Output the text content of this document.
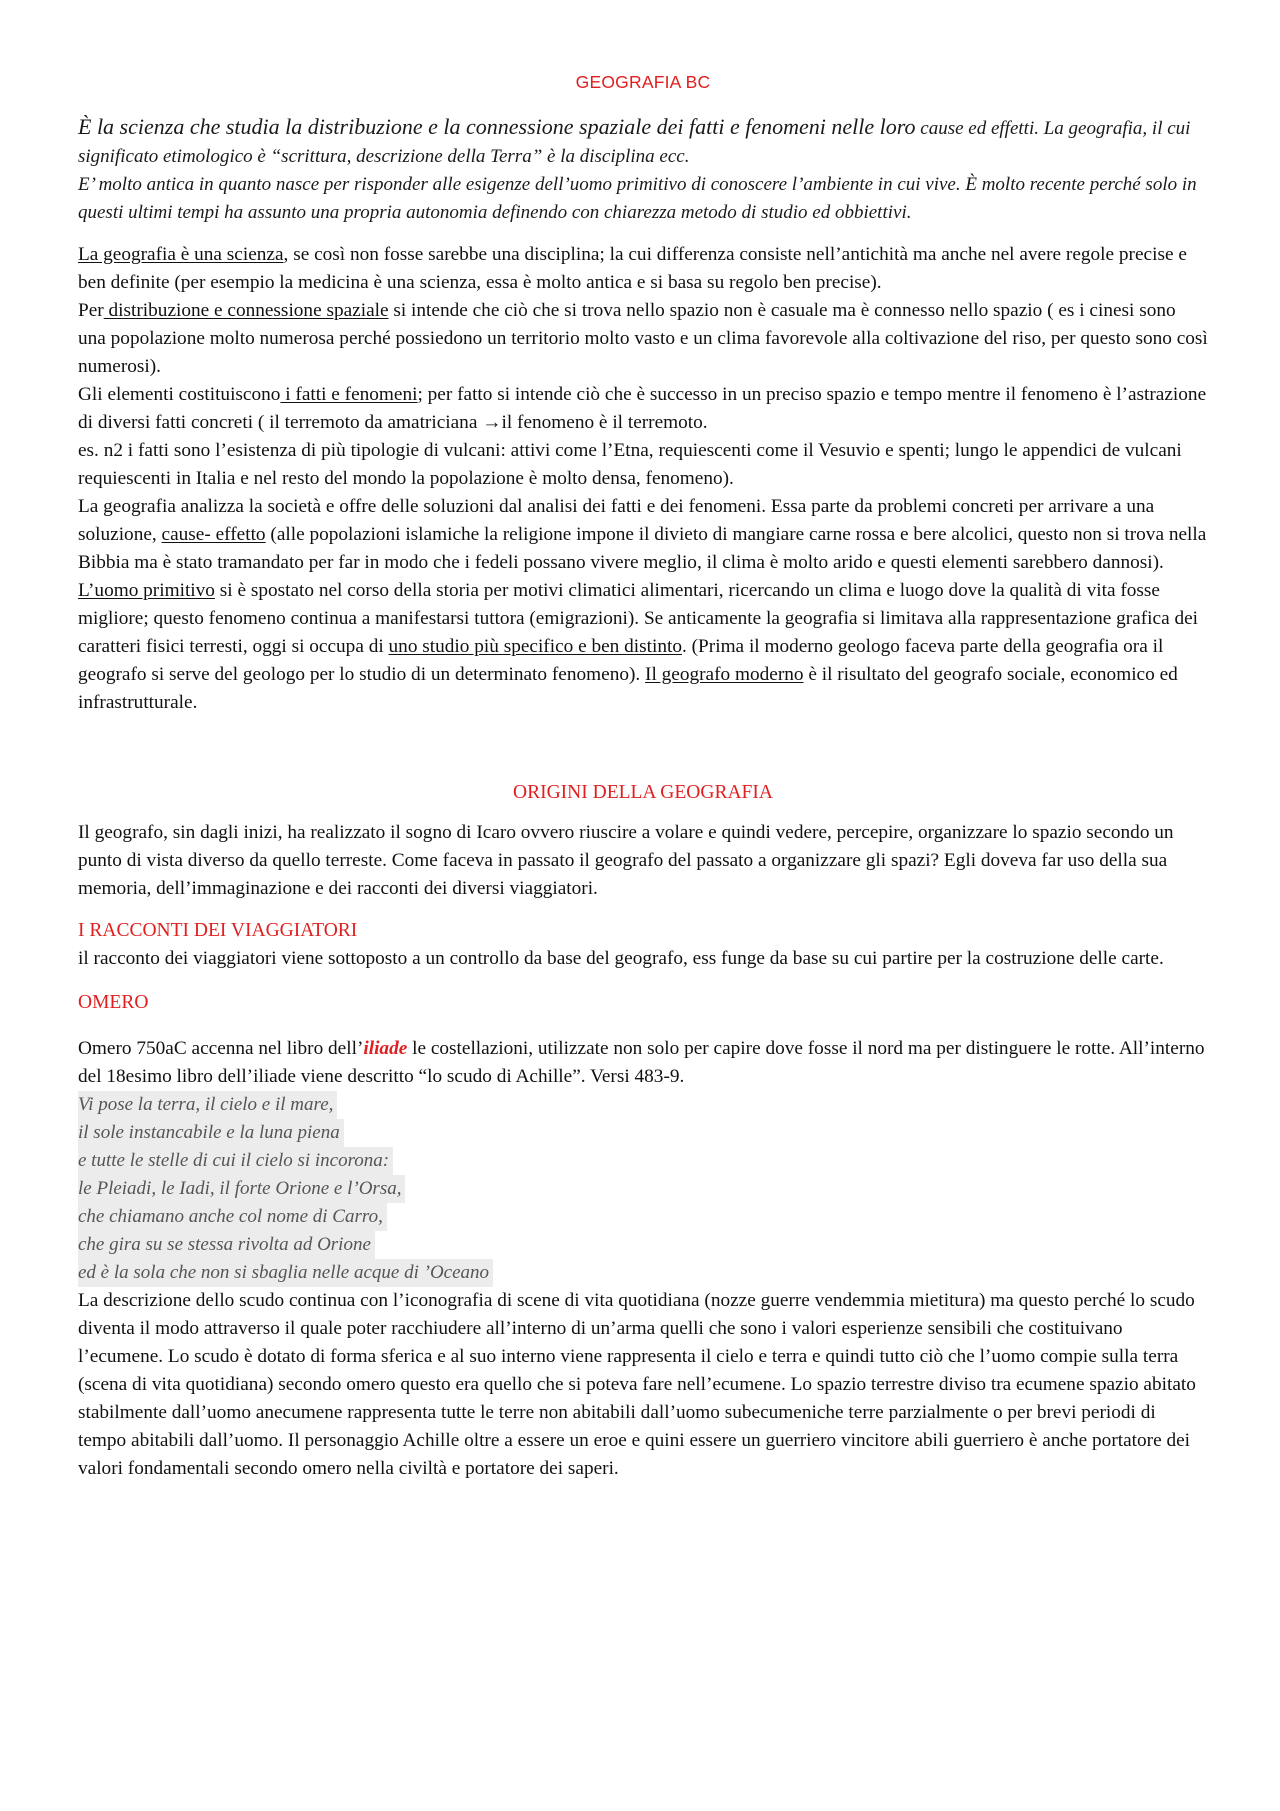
GEOGRAFIA BC
È la scienza che studia la distribuzione e la connessione spaziale dei fatti e fenomeni nelle loro cause ed effetti. La geografia, il cui significato etimologico è “scrittura, descrizione della Terra” è la disciplina ecc.
E’ molto antica in quanto nasce per risponder alle esigenze dell’uomo primitivo di conoscere l’ambiente in cui vive. È molto recente perché solo in questi ultimi tempi ha assunto una propria autonomia definendo con chiarezza metodo di studio ed obbiettivi.

La geografia è una scienza, se così non fosse sarebbe una disciplina; la cui differenza consiste nell’antichità ma anche nel avere regole precise e ben definite (per esempio la medicina è una scienza, essa è molto antica e si basa su regolo ben precise).

Per distribuzione e connessione spaziale si intende che ciò che si trova nello spazio non è casuale ma è connesso nello spazio ( es i cinesi sono una popolazione molto numerosa perché possiedono un territorio molto vasto e un clima favorevole alla coltivazione del riso, per questo sono così numerosi).

Gli elementi costituiscono i fatti e fenomeni; per fatto si intende ciò che è successo in un preciso spazio e tempo mentre il fenomeno è l’astrazione di diversi fatti concreti ( il terremoto da amatriciana →il fenomeno è il terremoto.

es. n2 i fatti sono l’esistenza di più tipologie di vulcani: attivi come l’Etna, requiescenti come il Vesuvio e spenti; lungo le appendici de vulcani requiescenti in Italia e nel resto del mondo la popolazione è molto densa, fenomeno).

La geografia analizza la società e offre delle soluzioni dal analisi dei fatti e dei fenomeni. Essa parte da problemi concreti per arrivare a una soluzione, cause- effetto (alle popolazioni islamiche la religione impone il divieto di mangiare carne rossa e bere alcolici, questo non si trova nella Bibbia ma è stato tramandato per far in modo che i fedeli possano vivere meglio, il clima è molto arido e questi elementi sarebbero dannosi).

L’uomo primitivo si è spostato nel corso della storia per motivi climatici alimentari, ricercando un clima e luogo dove la qualità di vita fosse migliore; questo fenomeno continua a manifestarsi tuttora (emigrazioni). Se anticamente la geografia si limitava alla rappresentazione grafica dei caratteri fisici terresti, oggi si occupa di uno studio più specifico e ben distinto. (Prima il moderno geologo faceva parte della geografia ora il geografo si serve del geologo per lo studio di un determinato fenomeno). Il geografo moderno è il risultato del geografo sociale, economico ed infrastrutturale.

ORIGINI DELLA GEOGRAFIA

Il geografo, sin dagli inizi, ha realizzato il sogno di Icaro ovvero riuscire a volare e quindi vedere, percepire, organizzare lo spazio secondo un punto di vista diverso da quello terreste. Come faceva in passato il geografo del passato a organizzare gli spazi? Egli doveva far uso della sua memoria, dell’immaginazione e dei racconti dei diversi viaggiatori.

I RACCONTI DEI VIAGGIATORI

il racconto dei viaggiatori viene sottoposto a un controllo da base del geografo, ess funge da base su cui partire per la costruzione delle carte.

OMERO

Omero 750aC accenna nel libro dell’iliade le costellazioni, utilizzate non solo per capire dove fosse il nord ma per distinguere le rotte. All’interno del 18esimo libro dell’iliade viene descritto “lo scudo di Achille”. Versi 483-9.

Vi pose la terra, il cielo e il mare,
il sole instancabile e la luna piena
e tutte le stelle di cui il cielo si incorona:
le Pleiadi, le Iadi, il forte Orione e l’Orsa,
che chiamano anche col nome di Carro,
che gira su se stessa rivolta ad Orione
ed è la sola che non si sbaglia nelle acque di ’Oceano

La descrizione dello scudo continua con l’iconografia di scene di vita quotidiana (nozze guerre vendemmia mietitura) ma questo perché lo scudo diventa il modo attraverso il quale poter racchiudere all’interno di un’arma quelli che sono i valori esperienze sensibili che costituivano l’ecumene. Lo scudo è dotato di forma sferica e al suo interno viene rappresenta il cielo e terra e quindi tutto ciò che l’uomo compie sulla terra (scena di vita quotidiana) secondo omero questo era quello che si poteva fare nell’ecumene. Lo spazio terrestre diviso tra ecumene spazio abitato stabilmente dall’uomo anecumene rappresenta tutte le terre non abitabili dall’uomo subecumeniche terre parzialmente o per brevi periodi di tempo abitabili dall’uomo. Il personaggio Achille oltre a essere un eroe e quini essere un guerriero vincitore abili guerriero è anche portatore dei valori fondamentali secondo omero nella civiltà e portatore dei saperi.
